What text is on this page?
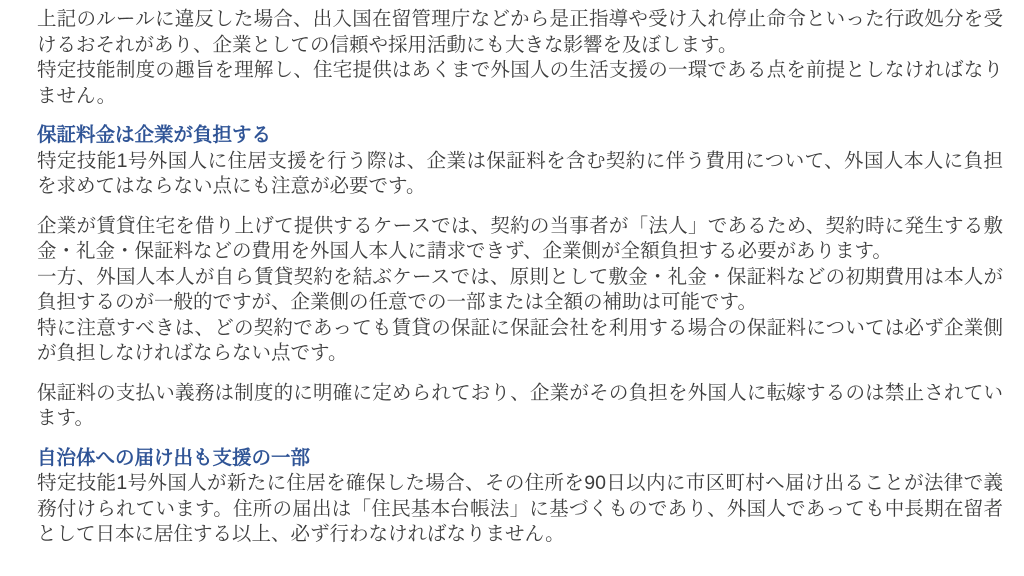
上記のルールに違反した場合、出入国在留管理庁などから是正指導や受け入れ停止命令といった行政処分を受
けるおそれがあり、企業としての信頼や採用活動にも大きな影響を及ぼします。
特定技能制度の趣旨を理解し、住宅提供はあくまで外国人の生活支援の一環である点を前提としなければなり
ません。
保証料金は企業が負担する
特定技能1号外国人に住居支援を行う際は、企業は保証料を含む契約に伴う費用について、外国人本人に負担
を求めてはならない点にも注意が必要です。
企業が賃貸住宅を借り上げて提供するケースでは、契約の当事者が「法人」であるため、契約時に発生する敷
金・礼金・保証料などの費用を外国人本人に請求できず、企業側が全額負担する必要があります。
一方、外国人本人が自ら賃貸契約を結ぶケースでは、原則として敷金・礼金・保証料などの初期費用は本人が
負担するのが一般的ですが、企業側の任意での一部または全額の補助は可能です。
特に注意すべきは、どの契約であっても賃貸の保証に保証会社を利用する場合の保証料については必ず企業側
が負担しなければならない点です。
保証料の支払い義務は制度的に明確に定められており、企業がその負担を外国人に転嫁するのは禁止されてい
ます。
自治体への届け出も支援の一部
特定技能1号外国人が新たに住居を確保した場合、その住所を90日以内に市区町村へ届け出ることが法律で義
務付けられています。住所の届出は「住民基本台帳法」に基づくものであり、外国人であっても中長期在留者
として日本に居住する以上、必ず行わなければなりません。
